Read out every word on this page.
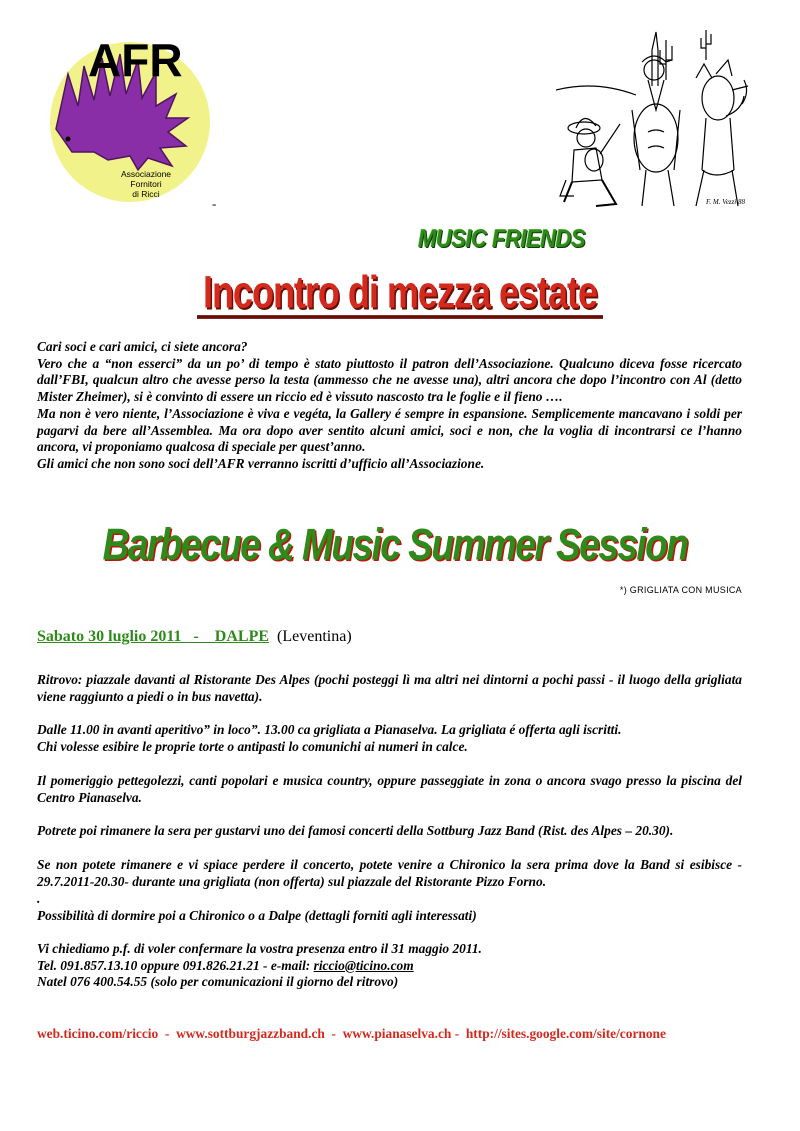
AFR
Associazione
Fornitori
di Ricci
-	F. M. Vezzi 88
MUSIC FRIENDS
Incontro di mezza estate

Cari soci e cari amici, ci siete ancora?

Vero che a “non esserci” da un po’ di tempo è stato piuttosto il patron dell’Associazione. Qualcuno diceva fosse ricercato dall’FBI, qualcun altro che avesse perso la testa (ammesso che ne avesse una), altri ancora che dopo l’incontro con Al (detto Mister Zheimer), si è convinto di essere un riccio ed è vissuto nascosto tra le foglie e il fieno ….

Ma non è vero niente, l’Associazione è viva e vegéta, la Gallery é sempre in espansione. Semplicemente mancavano i soldi per pagarvi da bere all’Assemblea. Ma ora dopo aver sentito alcuni amici, soci e non, che la voglia di incontrarsi ce l’hanno ancora, vi proponiamo qualcosa di speciale per quest’anno.

Gli amici che non sono soci dell’AFR verranno iscritti d’ufficio all’Associazione.

Barbecue & Music Summer Session
*) GRIGLIATA CON MUSICA
Sabato 30 luglio 2011   -    DALPE (Leventina)

Ritrovo: piazzale davanti al Ristorante Des Alpes (pochi posteggi lì ma altri nei dintorni a pochi passi - il luogo della grigliata viene raggiunto a piedi o in bus navetta).

Dalle 11.00 in avanti aperitivo” in loco”. 13.00 ca grigliata a Pianaselva. La grigliata é offerta agli iscritti.

Chi volesse esibire le proprie torte o antipasti lo comunichi ai numeri in calce.

Il pomeriggio pettegolezzi, canti popolari e musica country, oppure passeggiate in zona o ancora svago presso la piscina del Centro Pianaselva.

Potrete poi rimanere la sera per gustarvi uno dei famosi concerti della Sottburg Jazz Band (Rist. des Alpes – 20.30).

Se non potete rimanere e vi spiace perdere il concerto, potete venire a Chironico la sera prima dove la Band si esibisce - 29.7.2011-20.30- durante una grigliata (non offerta) sul piazzale del Ristorante Pizzo Forno.

.

Possibilità di dormire poi a Chironico o a Dalpe (dettagli forniti agli interessati)

Vi chiediamo p.f. di voler confermare la vostra presenza entro il 31 maggio 2011.

Tel. 091.857.13.10 oppure 091.826.21.21 - e-mail: riccio@ticino.com

Natel 076 400.54.55 (solo per comunicazioni il giorno del ritrovo)

web.ticino.com/riccio  -  www.sottburgjazzband.ch  -  www.pianaselva.ch -  http://sites.google.com/site/cornone
